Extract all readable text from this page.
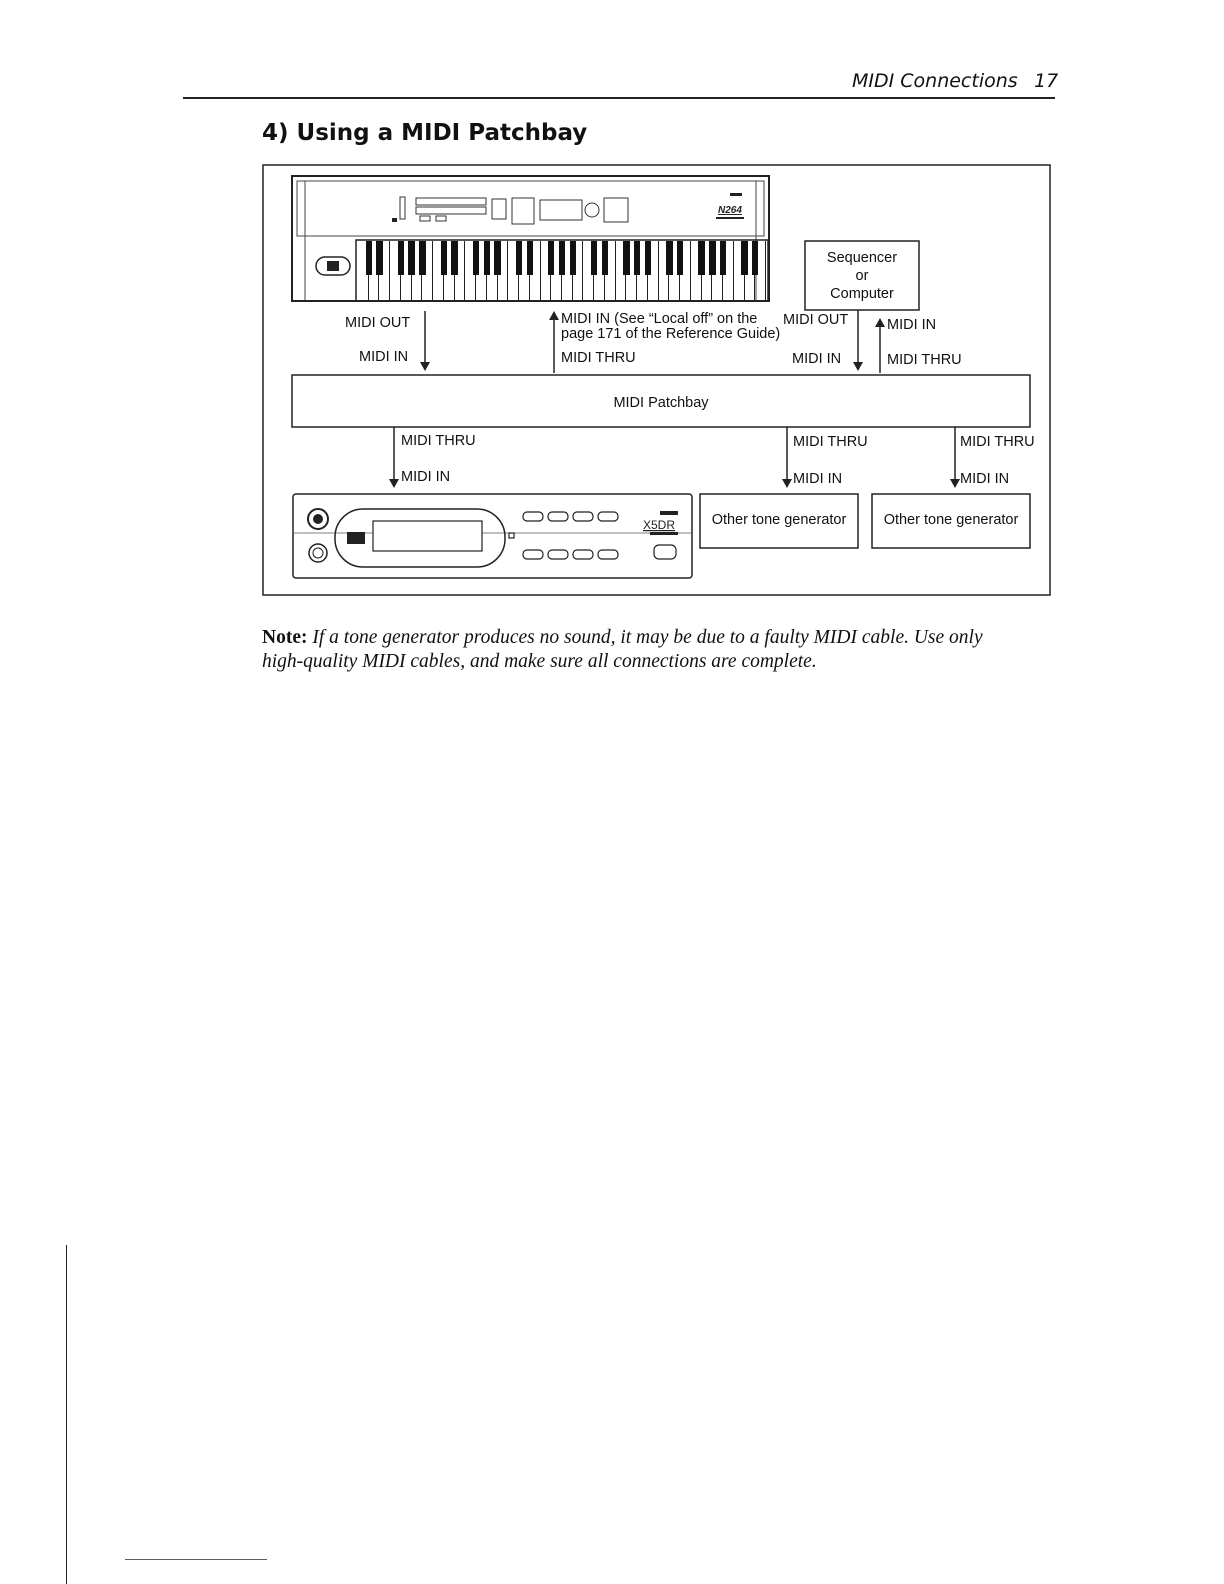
MIDI Connections 17
4) Using a MIDI Patchbay
N264
X5DR
Sequencer
or
Computer
MIDI OUT
MIDI IN
MIDI IN (See “Local off” on the
page 171 of the Reference Guide)
MIDI THRU
MIDI OUT	MIDI IN
MIDI IN	MIDI THRU
MIDI Patchbay
MIDI THRU
MIDI IN
MIDI THRU
MIDI IN
Other tone generator
MIDI THRU
MIDI IN
Other tone generator
Note: If a tone generator produces no sound, it may be due to a faulty MIDI cable. Use only
high-quality MIDI cables, and make sure all connections are complete.
